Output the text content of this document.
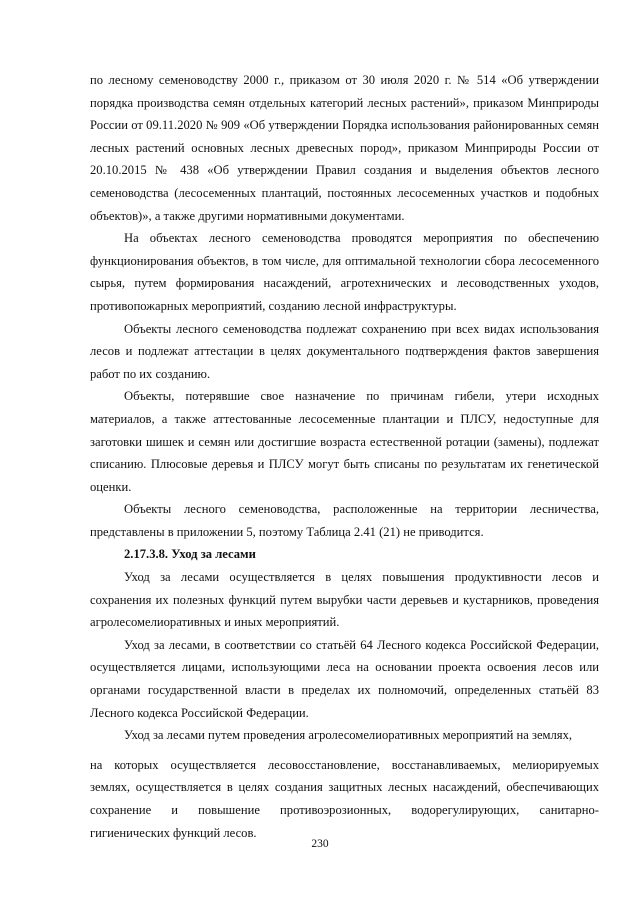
по лесному семеноводству 2000 г., приказом от 30 июля 2020 г. № 514 «Об утверждении порядка производства семян отдельных категорий лесных растений», приказом Минприроды России от 09.11.2020 № 909 «Об утверждении Порядка использования районированных семян лесных растений основных лесных древесных пород», приказом Минприроды России от 20.10.2015 № 438 «Об утверждении Правил создания и выделения объектов лесного семеноводства (лесосеменных плантаций, постоянных лесосеменных участков и подобных объектов)», а также другими нормативными документами.

На объектах лесного семеноводства проводятся мероприятия по обеспечению функционирования объектов, в том числе, для оптимальной технологии сбора лесосеменного сырья, путем формирования насаждений, агротехнических и лесоводственных уходов, противопожарных мероприятий, созданию лесной инфраструктуры.

Объекты лесного семеноводства подлежат сохранению при всех видах использования лесов и подлежат аттестации в целях документального подтверждения фактов завершения работ по их созданию.

Объекты, потерявшие свое назначение по причинам гибели, утери исходных материалов, а также аттестованные лесосеменные плантации и ПЛСУ, недоступные для заготовки шишек и семян или достигшие возраста естественной ротации (замены), подлежат списанию. Плюсовые деревья и ПЛСУ могут быть списаны по результатам их генетической оценки.

Объекты лесного семеноводства, расположенные на территории лесничества, представлены в приложении 5, поэтому Таблица 2.41 (21) не приводится.

2.17.3.8. Уход за лесами

Уход за лесами осуществляется в целях повышения продуктивности лесов и сохранения их полезных функций путем вырубки части деревьев и кустарников, проведения агролесомелиоративных и иных мероприятий.

Уход за лесами, в соответствии со статьёй 64 Лесного кодекса Российской Федерации, осуществляется лицами, использующими леса на основании проекта освоения лесов или органами государственной власти в пределах их полномочий, определенных статьёй 83 Лесного кодекса Российской Федерации.

Уход за лесами путем проведения агролесомелиоративных мероприятий на землях,

на которых осуществляется лесовосстановление, восстанавливаемых, мелиорируемых
землях, осуществляется в целях создания защитных лесных насаждений, обеспечивающих
сохранение и повышение противоэрозионных, водорегулирующих, санитарно-

гигиенических функций лесов.

230
